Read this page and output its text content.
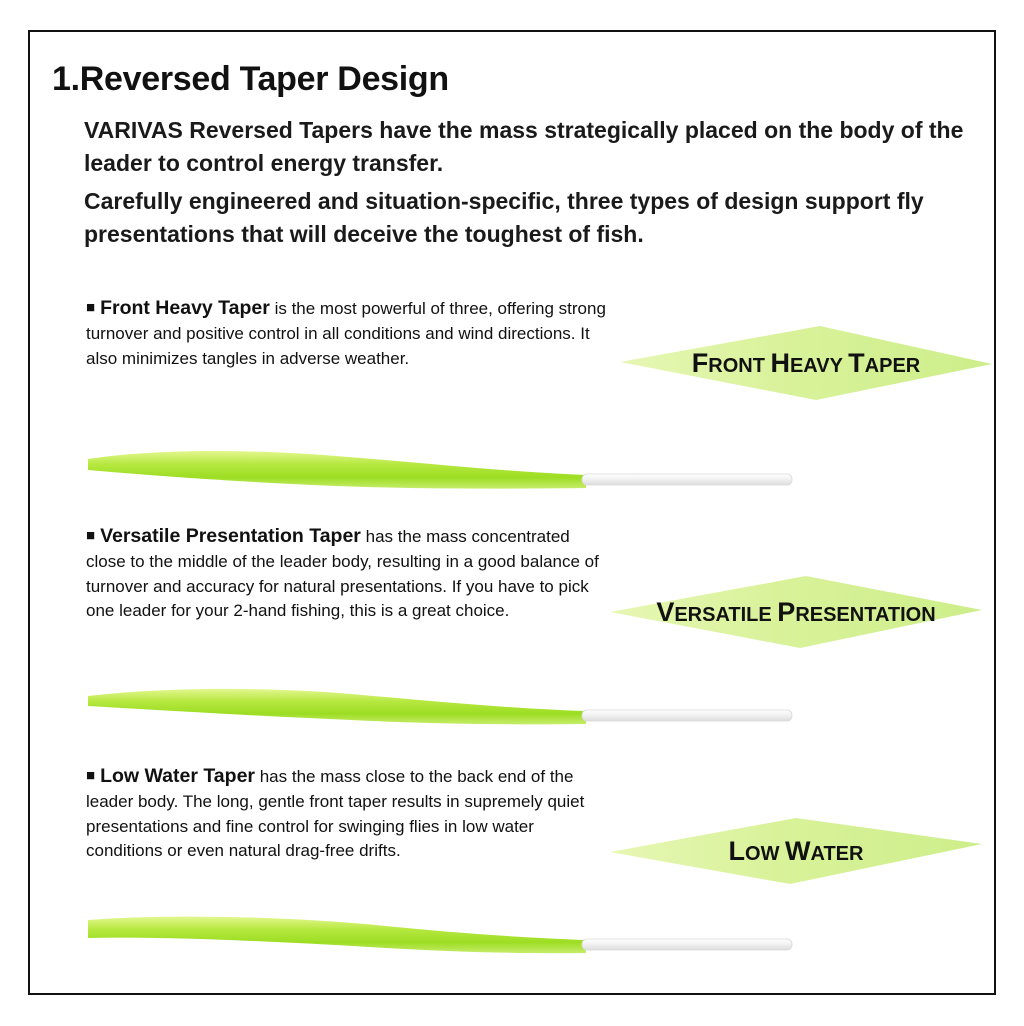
1.Reversed Taper Design

VARIVAS Reversed Tapers have the mass strategically placed on the body of the leader to control energy transfer.

Carefully engineered and situation-specific, three types of design support fly presentations that will deceive the toughest of fish.

■ Front Heavy Taper is the most powerful of three, offering strong turnover and positive control in all conditions and wind directions. It also minimizes tangles in adverse weather.	FRONT HEAVY TAPER
■ Versatile Presentation Taper has the mass concentrated close to the middle of the leader body, resulting in a good balance of turnover and accuracy for natural presentations. If you have to pick one leader for your 2-hand fishing, this is a great choice.	VERSATILE PRESENTATION
■ Low Water Taper has the mass close to the back end of the leader body. The long, gentle front taper results in supremely quiet presentations and fine control for swinging flies in low water conditions or even natural drag-free drifts.	LOW WATER
